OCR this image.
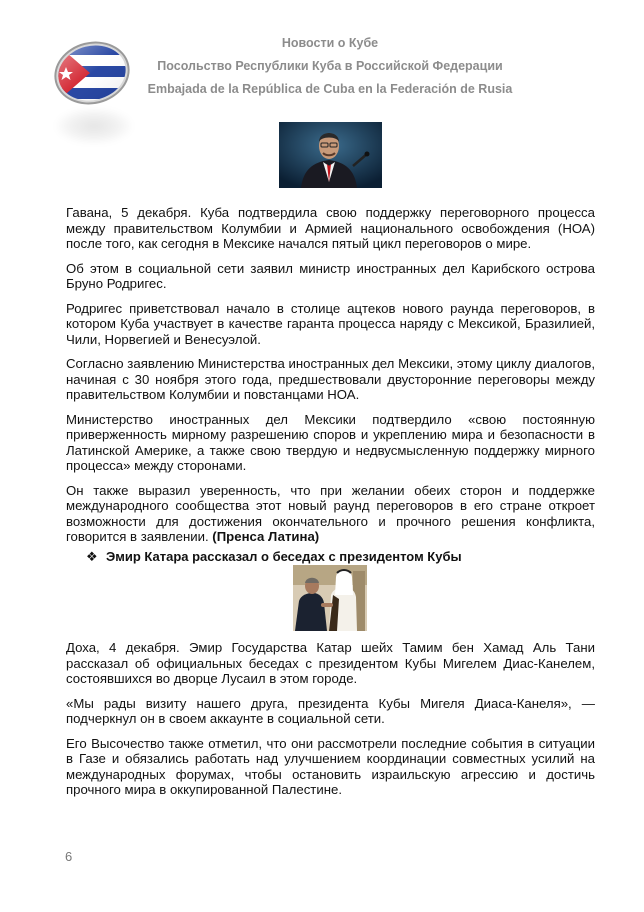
Новости о Кубе
Посольство Республики Куба в Российской Федерации
Embajada de la República de Cuba en la Federación de Rusia

Гавана, 5 декабря. Куба подтвердила свою поддержку переговорного процесса между правительством Колумбии и Армией национального освобождения (НОА) после того, как сегодня в Мексике начался пятый цикл переговоров о мире.

Об этом в социальной сети заявил министр иностранных дел Карибского острова Бруно Родригес.

Родригес приветствовал начало в столице ацтеков нового раунда переговоров, в котором Куба участвует в качестве гаранта процесса наряду с Мексикой, Бразилией, Чили, Норвегией и Венесуэлой.

Согласно заявлению Министерства иностранных дел Мексики, этому циклу диалогов, начиная с 30 ноября этого года, предшествовали двусторонние переговоры между правительством Колумбии и повстанцами НОА.

Министерство иностранных дел Мексики подтвердило «свою постоянную приверженность мирному разрешению споров и укреплению мира и безопасности в Латинской Америке, а также свою твердую и недвусмысленную поддержку мирного процесса» между сторонами.

Он также выразил уверенность, что при желании обеих сторон и поддержке международного сообщества этот новый раунд переговоров в его стране откроет возможности для достижения окончательного и прочного решения конфликта, говорится в заявлении. (Пренса Латина)

❖ Эмир Катара рассказал о беседах с президентом Кубы

Доха, 4 декабря. Эмир Государства Катар шейх Тамим бен Хамад Аль Тани рассказал об официальных беседах с президентом Кубы Мигелем Диас-Канелем, состоявшихся во дворце Лусаил в этом городе.

«Мы рады визиту нашего друга, президента Кубы Мигеля Диаса-Канеля», — подчеркнул он в своем аккаунте в социальной сети.

Его Высочество также отметил, что они рассмотрели последние события в ситуации в Газе и обязались работать над улучшением координации совместных усилий на международных форумах, чтобы остановить израильскую агрессию и достичь прочного мира в оккупированной Палестине.

6
